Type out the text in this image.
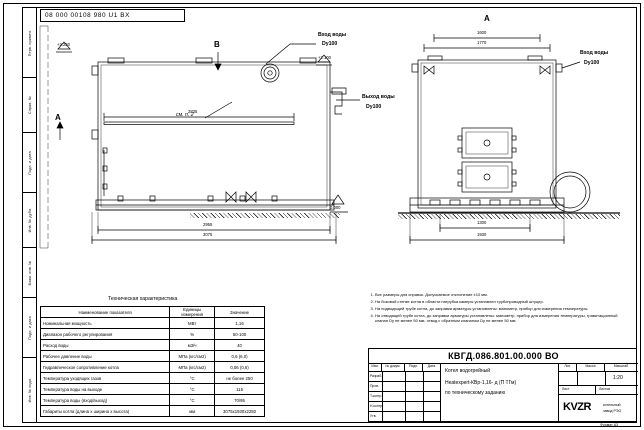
Перв. примен.
Справ. №
Подп. и дата
Инв. № дубл.
Взам. инв. №
Подп. и дата
Инв. № подл.
08 000 00108 980 U1 BX
Вход воды
Dу100
Выход воды
Dу100
см. п. 2
+2.250
+2.100
0.000
2835
2955
3075
B
A
А
1770
1600
1300
1930
Вход воды
Dу100
Техническая характеристика
Наименование показателя	Единицы измерения	Значение
Номинальная мощность	МВт	1,16
Диапазон рабочего регулирования	%	50-100
Расход воды	м3/ч	40
Рабочее давление воды	МПа (кгс/см2)	0,6 (6,0)
Гидравлическое сопротивление котла	МПа (кгс/см2)	0,06 (0,6)
Температура уходящих газов	°С	не более 250
Температура воды на выходе	°С	115
Температура воды (вход/выход)	°С	70/95
Габариты котла (длина х ширина х высота)	мм	3075х1930х2250
1. Все размеры для справок. Допускаемое отклонение ±10 мм.
2. На боковой стенке котла в области патрубка камеры установлен трубопроводный штуцер.
3. На подводящей трубе котла, до заправки арматуры установлены: манометр, прибор для измерения температуры.
4. На отводящей трубе котла, до заправки арматуры установлены: манометр, прибор для измерения температуры, гравитационный клапан Dу не менее 50 мм, отвод с обратным клапаном Dу не менее 50 мм.
КВГД.086.801.00.000 ВО
Изм.	№ докум.	Подп.	Дата
Разраб.
Пров.
Т.контр.
Н.контр.
Утв.
Котел водогрейный
Heatexpert-КВр-1,16- д (П ТГм)
по техническому заданию
Лит.	Масса	Масштаб
1:20
Лист	Листов
KVZR	котельный
завод РЭО
Формат А3
